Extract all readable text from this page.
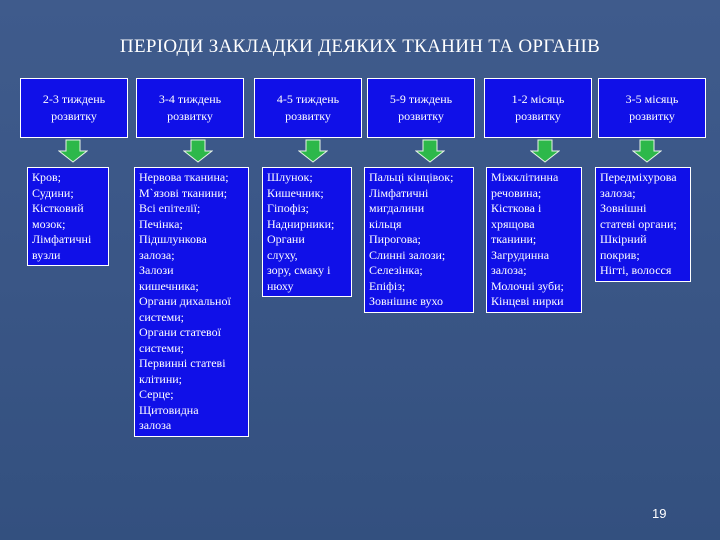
ПЕРІОДИ ЗАКЛАДКИ ДЕЯКИХ ТКАНИН ТА ОРГАНІВ
2-3 тиждень розвитку
Кров;
Судини;
Кістковий
мозок;
Лімфатичні
вузли
3-4 тиждень розвитку
Нервова тканина;
М`язові тканини;
Всі епітелії;
Печінка;
Підшлункова
залоза;
Залози
кишечника;
Органи дихальної
системи;
Органи статевої
системи;
Первинні статеві
клітини;
Серце;
Щитовидна
залоза
4-5 тиждень розвитку
Шлунок;
Кишечник;
Гіпофіз;
Наднирники;
Органи
слуху,
зору, смаку і
нюху
5-9 тиждень розвитку
Пальці кінцівок;
Лімфатичні
мигдалини
кільця
Пирогова;
Слинні залози;
Селезінка;
Епіфіз;
Зовнішнє вухо
1-2 місяць розвитку
Міжклітинна
речовина;
Кісткова і
хрящова
тканини;
Загрудинна
залоза;
Молочні зуби;
Кінцеві нирки
3-5 місяць розвитку
Передміхурова
залоза;
Зовнішні
статеві органи;
Шкірний
покрив;
Нігті, волосся
19
